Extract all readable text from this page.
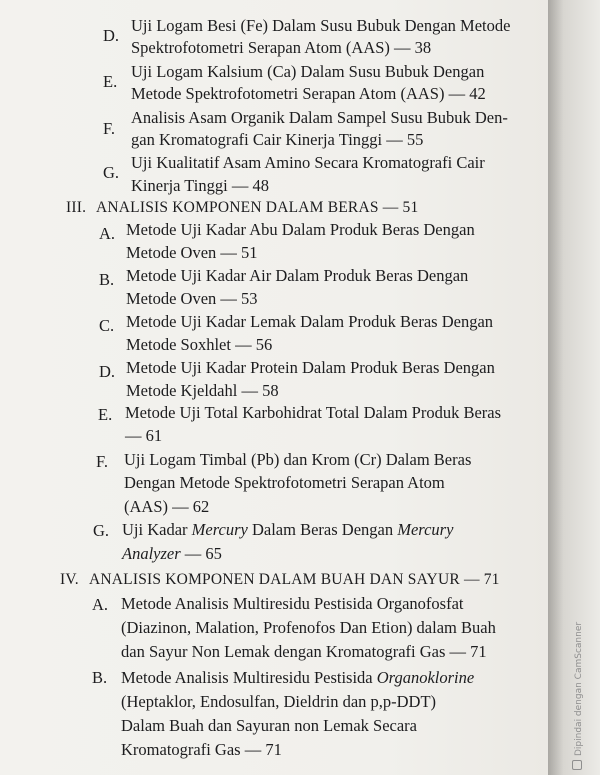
D.
Uji Logam Besi (Fe) Dalam Susu Bubuk Dengan Metode
Spektrofotometri Serapan Atom (AAS) — 38
E.
Uji Logam Kalsium (Ca) Dalam Susu Bubuk Dengan
Metode Spektrofotometri Serapan Atom (AAS) — 42
F.
Analisis Asam Organik Dalam Sampel Susu Bubuk Den-
gan Kromatografi Cair Kinerja Tinggi — 55
G.
Uji Kualitatif Asam Amino Secara Kromatografi Cair
Kinerja Tinggi — 48
III. ANALISIS KOMPONEN DALAM BERAS — 51
A. Metode Uji Kadar Abu Dalam Produk Beras Dengan
Metode Oven — 51
B. Metode Uji Kadar Air Dalam Produk Beras Dengan
Metode Oven — 53
C. Metode Uji Kadar Lemak Dalam Produk Beras Dengan
Metode Soxhlet — 56
D. Metode Uji Kadar Protein Dalam Produk Beras Dengan
Metode Kjeldahl — 58
E. Metode Uji Total Karbohidrat Total Dalam Produk Beras
— 61
F. Uji Logam Timbal (Pb) dan Krom (Cr) Dalam Beras
Dengan Metode Spektrofotometri Serapan Atom
(AAS) — 62
G. Uji Kadar Mercury Dalam Beras Dengan Mercury
Analyzer — 65
IV. ANALISIS KOMPONEN DALAM BUAH DAN SAYUR — 71
A. Metode Analisis Multiresidu Pestisida Organofosfat
(Diazinon, Malation, Profenofos Dan Etion) dalam Buah
dan Sayur Non Lemak dengan Kromatografi Gas — 71
B. Metode Analisis Multiresidu Pestisida Organoklorine
(Heptaklor, Endosulfan, Dieldrin dan p,p-DDT)
Dalam Buah dan Sayuran non Lemak Secara
Kromatografi Gas — 71	Dipindai dengan CamScanner
